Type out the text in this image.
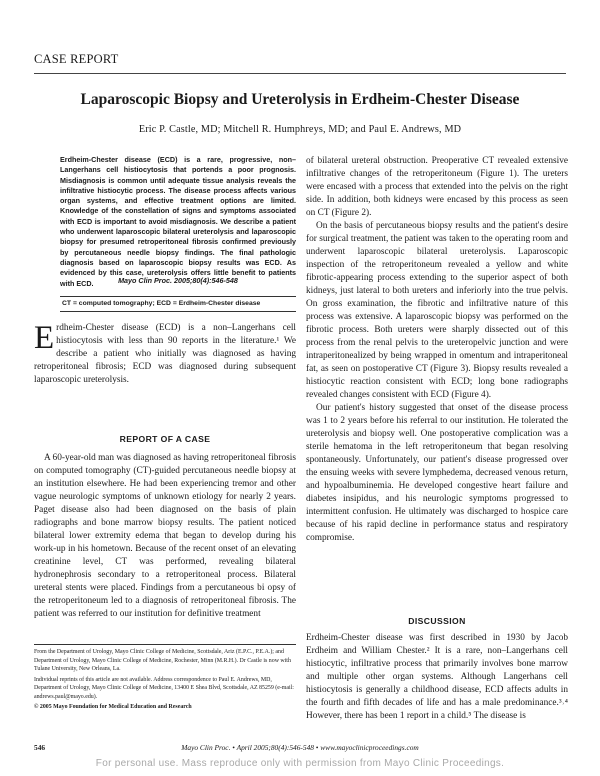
CASE REPORT
Laparoscopic Biopsy and Ureterolysis in Erdheim-Chester Disease
Eric P. Castle, MD; Mitchell R. Humphreys, MD; and Paul E. Andrews, MD
Erdheim-Chester disease (ECD) is a rare, progressive, non–Langerhans cell histiocytosis that portends a poor prognosis. Misdiagnosis is common until adequate tissue analysis reveals the infiltrative histiocytic process. The disease process affects various organ systems, and effective treatment options are limited. Knowledge of the constellation of signs and symptoms associated with ECD is important to avoid misdiagnosis. We describe a patient who underwent laparoscopic bilateral ureterolysis and laparoscopic biopsy for presumed retroperitoneal fibrosis confirmed previously by percutaneous needle biopsy findings. The final pathologic diagnosis based on laparoscopic biopsy results was ECD. As evidenced by this case, ureterolysis offers little benefit to patients with ECD.	Mayo Clin Proc. 2005;80(4):546-548
CT = computed tomography; ECD = Erdheim-Chester disease
Erdheim-Chester disease (ECD) is a non–Langerhans cell histiocytosis with less than 90 reports in the literature.¹ We describe a patient who initially was diagnosed as having retroperitoneal fibrosis; ECD was diagnosed during subsequent laparoscopic ureterolysis.
REPORT OF A CASE

A 60-year-old man was diagnosed as having retroperitoneal fibrosis on computed tomography (CT)-guided percutaneous needle biopsy at an institution elsewhere. He had been experiencing tremor and other vague neurologic symptoms of unknown etiology for nearly 2 years. Paget disease also had been diagnosed on the basis of plain radiographs and bone marrow biopsy results. The patient noticed bilateral lower extremity edema that began to develop during his work-up in his hometown. Because of the recent onset of an elevating creatinine level, CT was performed, revealing bilateral hydronephrosis secondary to a retroperitoneal process. Bilateral ureteral stents were placed. Findings from a percutaneous bi opsy of the retroperitoneum led to a diagnosis of retroperitoneal fibrosis. The patient was referred to our institution for definitive treatment

of bilateral ureteral obstruction. Preoperative CT revealed extensive infiltrative changes of the retroperitoneum (Figure 1). The ureters were encased with a process that extended into the pelvis on the right side. In addition, both kidneys were encased by this process as seen on CT (Figure 2).

On the basis of percutaneous biopsy results and the patient's desire for surgical treatment, the patient was taken to the operating room and underwent laparoscopic bilateral ureterolysis. Laparoscopic inspection of the retroperitoneum revealed a yellow and white fibrotic-appearing process extending to the superior aspect of both kidneys, just lateral to both ureters and inferiorly into the true pelvis. On gross examination, the fibrotic and infiltrative nature of this process was extensive. A laparoscopic biopsy was performed on the fibrotic process. Both ureters were sharply dissected out of this process from the renal pelvis to the ureteropelvic junction and were intraperitonealized by being wrapped in omentum and intraperitoneal fat, as seen on postoperative CT (Figure 3). Biopsy results revealed a histiocytic reaction consistent with ECD; long bone radiographs revealed changes consistent with ECD (Figure 4).

Our patient's history suggested that onset of the disease process was 1 to 2 years before his referral to our institution. He tolerated the ureterolysis and biopsy well. One postoperative complication was a sterile hematoma in the left retroperitoneum that began resolving spontaneously. Unfortunately, our patient's disease progressed over the ensuing weeks with severe lymphedema, decreased venous return, and hypoalbuminemia. He developed congestive heart failure and diabetes insipidus, and his neurologic symptoms progressed to intermittent confusion. He ultimately was discharged to hospice care because of his rapid decline in performance status and respiratory compromise.

DISCUSSION

Erdheim-Chester disease was first described in 1930 by Jacob Erdheim and William Chester.² It is a rare, non–Langerhans cell histiocytic, infiltrative process that primarily involves bone marrow and multiple other organ systems. Although Langerhans cell histiocytosis is generally a childhood disease, ECD affects adults in the fourth and fifth decades of life and has a male predominance.³˒⁴ However, there has been 1 report in a child.⁵ The disease is

From the Department of Urology, Mayo Clinic College of Medicine, Scottsdale, Ariz (E.P.C., P.E.A.); and Department of Urology, Mayo Clinic College of Medicine, Rochester, Minn (M.R.H.). Dr Castle is now with Tulane University, New Orleans, La.

Individual reprints of this article are not available. Address correspondence to Paul E. Andrews, MD, Department of Urology, Mayo Clinic College of Medicine, 13400 E Shea Blvd, Scottsdale, AZ 85259 (e-mail: andrews.paul@mayo.edu).

© 2005 Mayo Foundation for Medical Education and Research

546	Mayo Clin Proc. • April 2005;80(4):546-548 • www.mayoclinicproceedings.com
For personal use. Mass reproduce only with permission from Mayo Clinic Proceedings.
